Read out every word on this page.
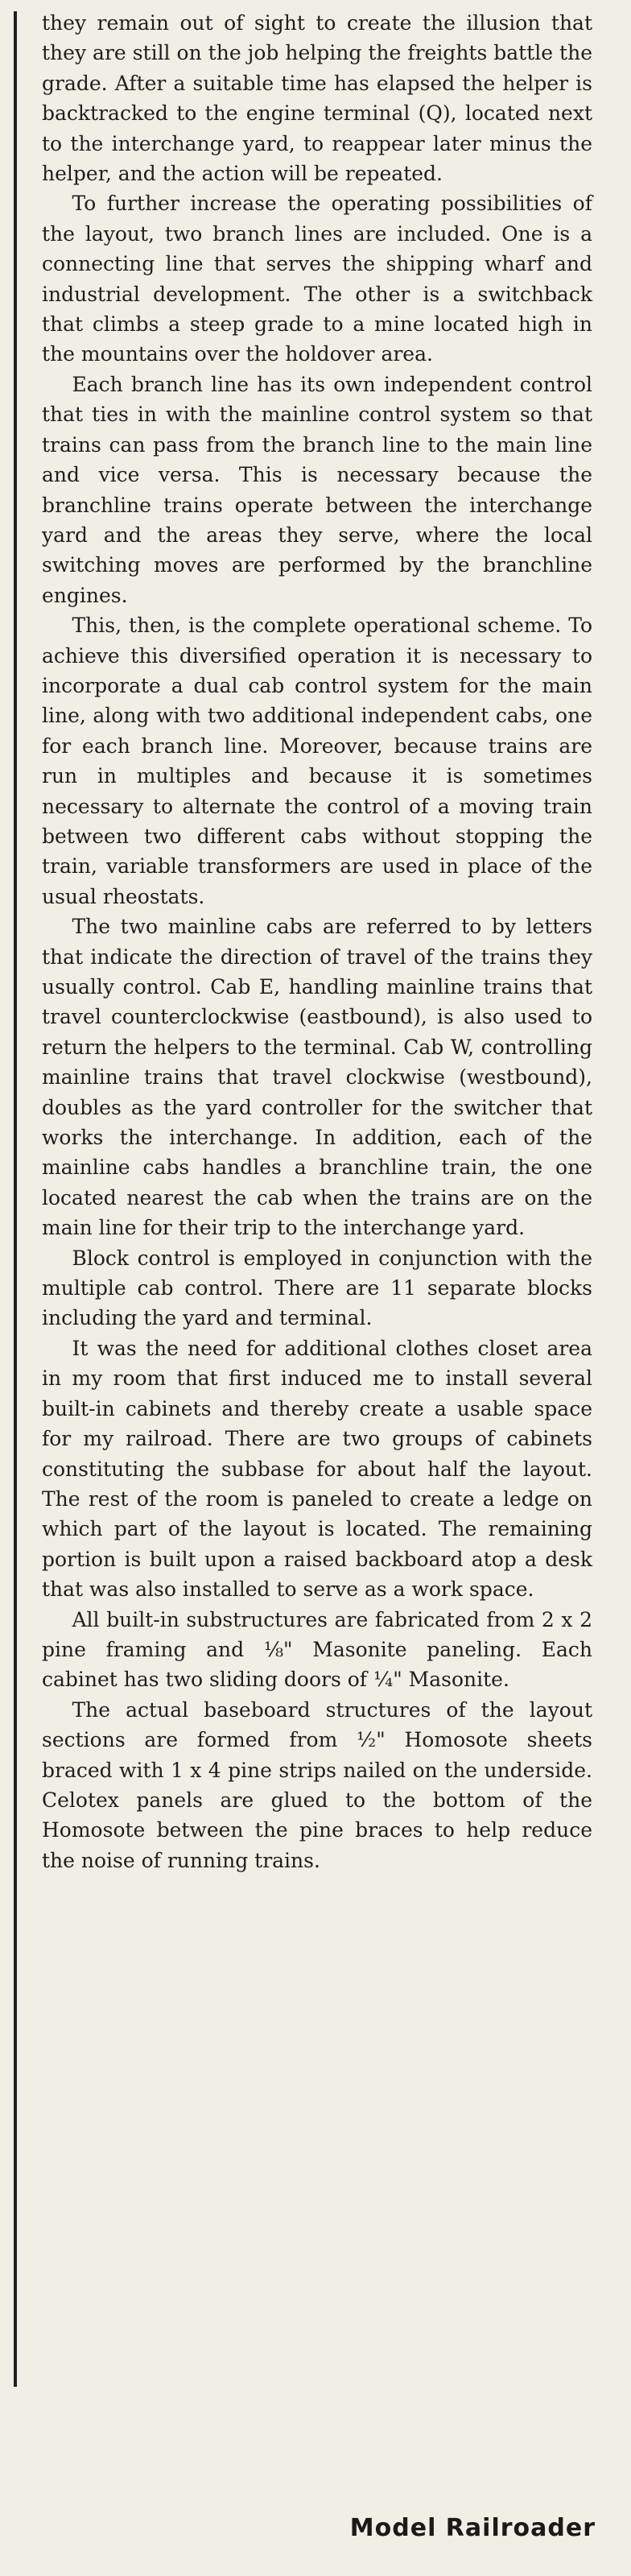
they remain out of sight to create the illusion that they are still on the job helping the freights battle the grade. After a suitable time has elapsed the helper is backtracked to the engine terminal (Q), located next to the interchange yard, to reappear later minus the helper, and the action will be repeated.

To further increase the operating possibilities of the layout, two branch lines are included. One is a connecting line that serves the shipping wharf and industrial development. The other is a switchback that climbs a steep grade to a mine located high in the mountains over the holdover area.

Each branch line has its own independent control that ties in with the mainline control system so that trains can pass from the branch line to the main line and vice versa. This is necessary because the branchline trains operate between the interchange yard and the areas they serve, where the local switching moves are performed by the branchline engines.

This, then, is the complete operational scheme. To achieve this diversified operation it is necessary to incorporate a dual cab control system for the main line, along with two additional independent cabs, one for each branch line. Moreover, because trains are run in multiples and because it is sometimes necessary to alternate the control of a moving train between two different cabs without stopping the train, variable transformers are used in place of the usual rheostats.

The two mainline cabs are referred to by letters that indicate the direction of travel of the trains they usually control. Cab E, handling mainline trains that travel counterclockwise (eastbound), is also used to return the helpers to the terminal. Cab W, controlling mainline trains that travel clockwise (westbound), doubles as the yard controller for the switcher that works the interchange. In addition, each of the mainline cabs handles a branchline train, the one located nearest the cab when the trains are on the main line for their trip to the interchange yard.

Block control is employed in conjunction with the multiple cab control. There are 11 separate blocks including the yard and terminal.

It was the need for additional clothes closet area in my room that first induced me to install several built-in cabinets and thereby create a usable space for my railroad. There are two groups of cabinets constituting the subbase for about half the layout. The rest of the room is paneled to create a ledge on which part of the layout is located. The remaining portion is built upon a raised backboard atop a desk that was also installed to serve as a work space.

All built-in substructures are fabricated from 2 x 2 pine framing and ⅛" Masonite paneling. Each cabinet has two sliding doors of ¼" Masonite.

The actual baseboard structures of the layout sections are formed from ½" Homosote sheets braced with 1 x 4 pine strips nailed on the underside. Celotex panels are glued to the bottom of the Homosote between the pine braces to help reduce the noise of running trains.

Model Railroader
